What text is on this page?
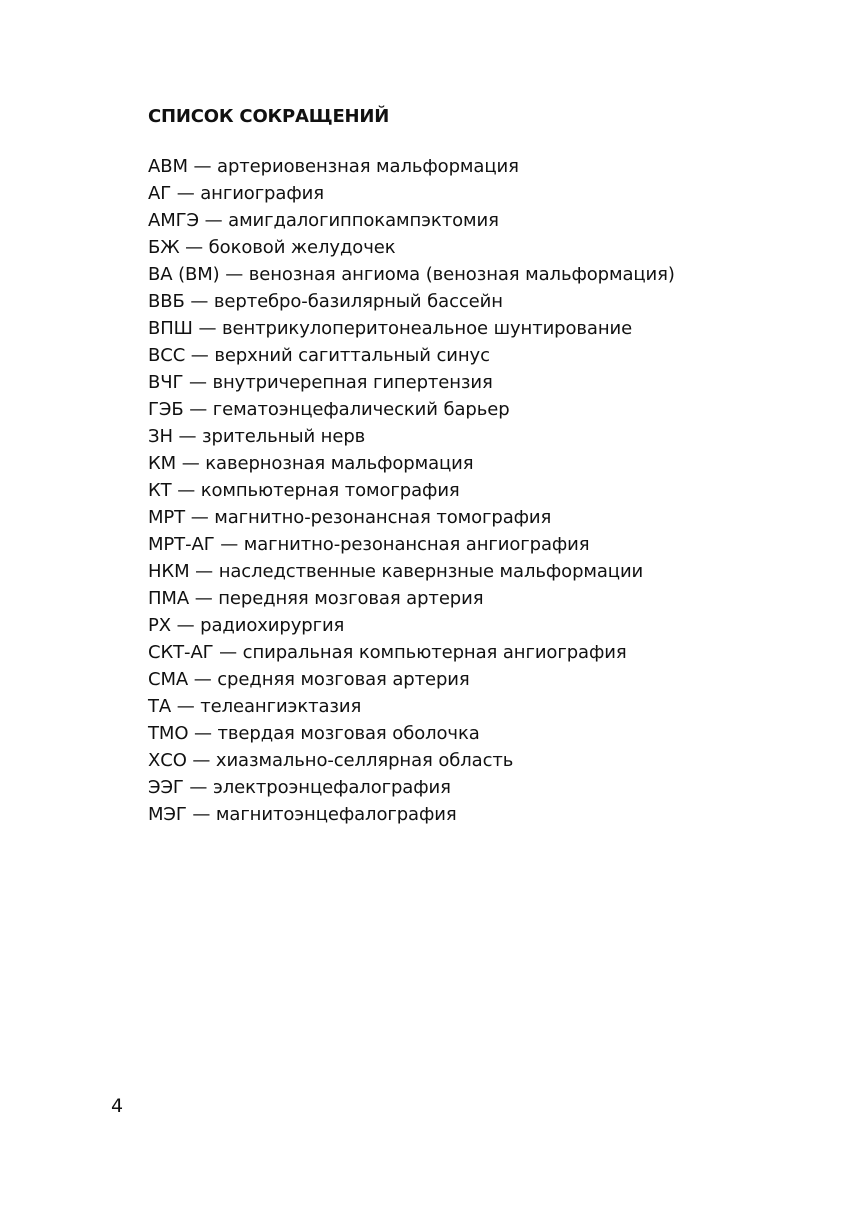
СПИСОК СОКРАЩЕНИЙ
АВМ — артериовензная мальформация
АГ — ангиография
АМГЭ — амигдалогиппокампэктомия
БЖ — боковой желудочек
ВА (ВМ) — венозная ангиома (венозная мальформация)
ВВБ — вертебро-базилярный бассейн
ВПШ — вентрикулоперитонеальное шунтирование
ВСС — верхний сагиттальный синус
ВЧГ — внутричерепная гипертензия
ГЭБ — гематоэнцефалический барьер
ЗН — зрительный нерв
КМ — кавернозная мальформация
КТ — компьютерная томография
МРТ — магнитно-резонансная томография
МРТ-АГ — магнитно-резонансная ангиография
НКМ — наследственные кавернзные мальформации
ПМА — передняя мозговая артерия
РХ — радиохирургия
СКТ-АГ — спиральная компьютерная ангиография
СМА — средняя мозговая артерия
ТА — телеангиэктазия
ТМО — твердая мозговая оболочка
ХСО — хиазмально-селлярная область
ЭЭГ — электроэнцефалография
МЭГ — магнитоэнцефалография
4
